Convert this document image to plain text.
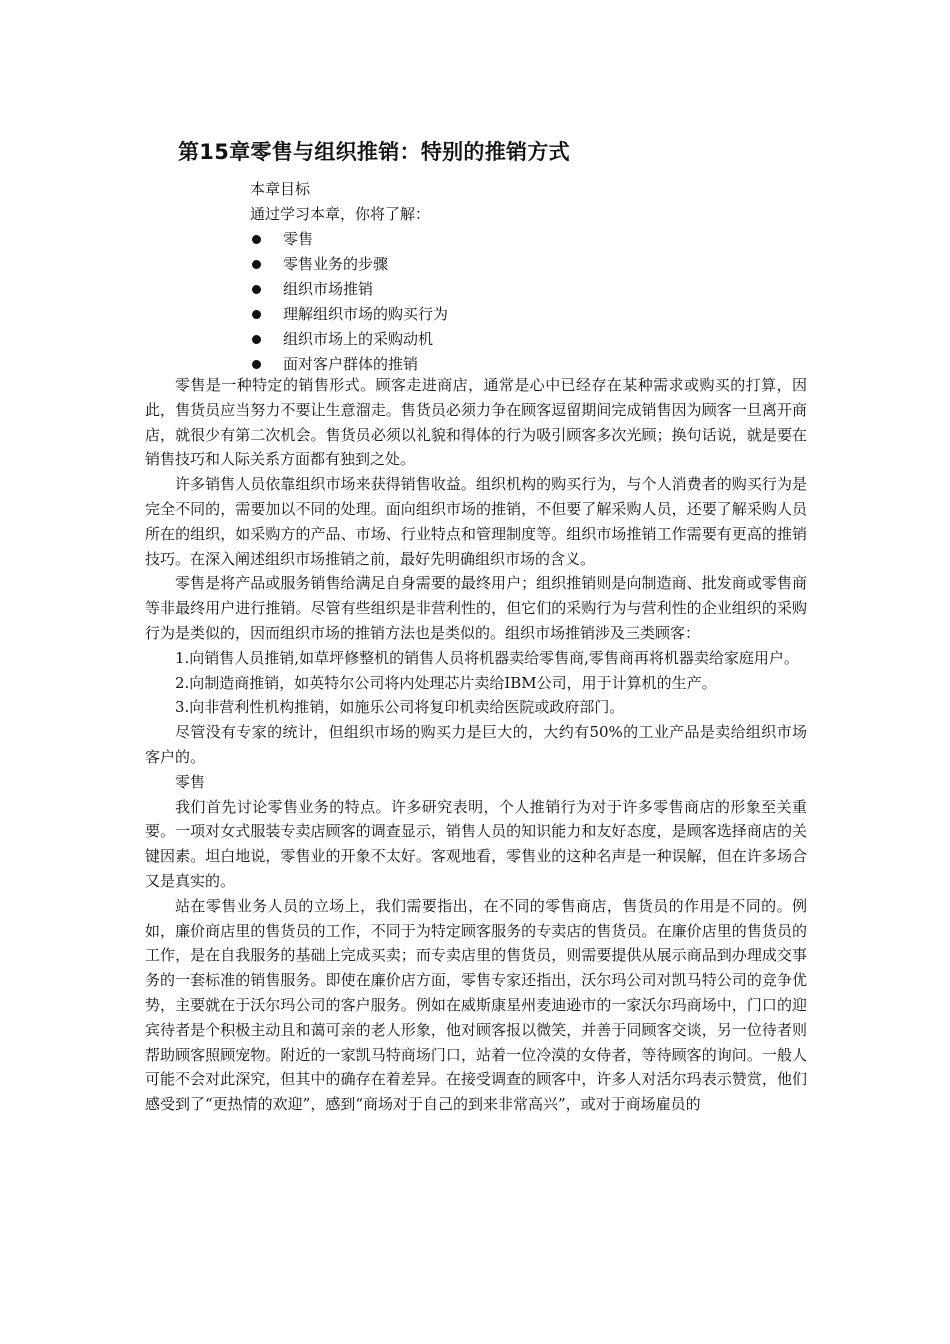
第15章零售与组织推销：特别的推销方式
本章目标
通过学习本章，你将了解：
零售
零售业务的步骤
组织市场推销
理解组织市场的购买行为
组织市场上的采购动机
面对客户群体的推销

零售是一种特定的销售形式。顾客走进商店，通常是心中已经存在某种需求或购买的打算，因此，售货员应当努力不要让生意溜走。售货员必须力争在顾客逗留期间完成销售因为顾客一旦离开商店，就很少有第二次机会。售货员必须以礼貌和得体的行为吸引顾客多次光顾；换句话说，就是要在销售技巧和人际关系方面都有独到之处。

许多销售人员依靠组织市场来获得销售收益。组织机构的购买行为，与个人消费者的购买行为是完全不同的，需要加以不同的处理。面向组织市场的推销，不但要了解采购人员，还要了解采购人员所在的组织，如采购方的产品、市场、行业特点和管理制度等。组织市场推销工作需要有更高的推销技巧。在深入阐述组织市场推销之前，最好先明确组织市场的含义。

零售是将产品或服务销售给满足自身需要的最终用户；组织推销则是向制造商、批发商或零售商等非最终用户进行推销。尽管有些组织是非营利性的，但它们的采购行为与营利性的企业组织的采购行为是类似的，因而组织市场的推销方法也是类似的。组织市场推销涉及三类顾客：

1.向销售人员推销,如草坪修整机的销售人员将机器卖给零售商,零售商再将机器卖给家庭用户。

2.向制造商推销，如英特尔公司将内处理芯片卖给IBM公司，用于计算机的生产。

3.向非营利性机构推销，如施乐公司将复印机卖给医院或政府部门。

尽管没有专家的统计，但组织市场的购买力是巨大的，大约有50%的工业产品是卖给组织市场客户的。

零售

我们首先讨论零售业务的特点。许多研究表明，个人推销行为对于许多零售商店的形象至关重要。一项对女式服装专卖店顾客的调查显示，销售人员的知识能力和友好态度，是顾客选择商店的关键因素。坦白地说，零售业的开象不太好。客观地看，零售业的这种名声是一种误解，但在许多场合又是真实的。

站在零售业务人员的立场上，我们需要指出，在不同的零售商店，售货员的作用是不同的。例如，廉价商店里的售货员的工作，不同于为特定顾客服务的专卖店的售货员。在廉价店里的售货员的工作，是在自我服务的基础上完成买卖；而专卖店里的售货员，则需要提供从展示商品到办理成交事务的一套标准的销售服务。即使在廉价店方面，零售专家还指出，沃尔玛公司对凯马特公司的竞争优势，主要就在于沃尔玛公司的客户服务。例如在威斯康星州麦迪逊市的一家沃尔玛商场中，门口的迎宾待者是个积极主动且和蔼可亲的老人形象，他对顾客报以微笑，并善于同顾客交谈，另一位待者则帮助顾客照顾宠物。附近的一家凯马特商场门口，站着一位冷漠的女侍者，等待顾客的询问。一般人可能不会对此深究，但其中的确存在着差异。在接受调查的顾客中，许多人对活尔玛表示赞赏，他们感受到了“更热情的欢迎”，感到“商场对于自己的到来非常高兴”，或对于商场雇员的
